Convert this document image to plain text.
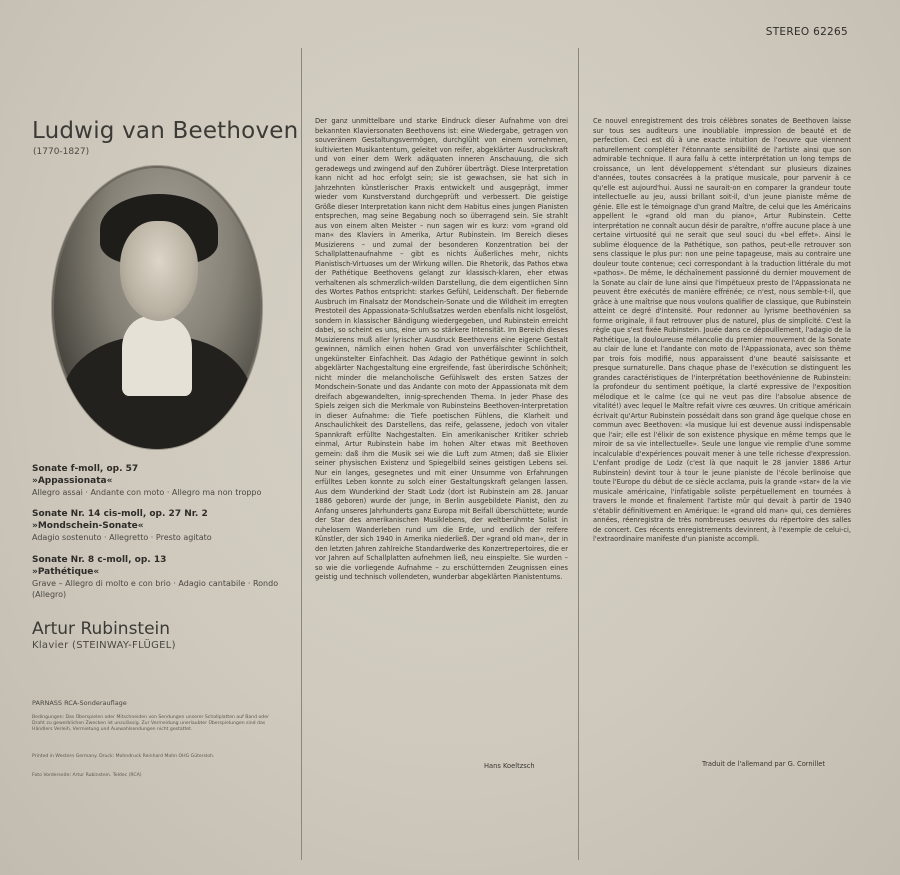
STEREO 62265
Ludwig van Beethoven
(1770-1827)
Sonate f-moll, op. 57
»Appassionata«
Allegro assai · Andante con moto · Allegro ma non troppo
Sonate Nr. 14 cis-moll, op. 27 Nr. 2
»Mondschein-Sonate«
Adagio sostenuto · Allegretto · Presto agitato
Sonate Nr. 8 c-moll, op. 13
»Pathétique«
Grave – Allegro di molto e con brio · Adagio cantabile · Rondo (Allegro)
Artur Rubinstein
Klavier (STEINWAY-FLÜGEL)
PARNASS RCA-Sonderauflage
Bedingungen: Das Überspielen oder Mitschneiden von Sendungen unserer Schallplatten auf Band oder Draht zu gewerblichen Zwecken ist unzulässig. Zur Vermeidung unerlaubter Überspielungen sind das Händlers Verleih, Vermietung und Auswahlsendungen nicht gestattet.
Printed in Western Germany. Druck: Mohndruck Reinhard Mohn OHG Gütersloh.
Foto Vorderseite: Artur Rubinstein. Teldec (RCA)
Der ganz unmittelbare und starke Eindruck dieser Aufnahme von drei bekannten Klaviersonaten Beethovens ist: eine Wiedergabe, getragen von souveränem Gestaltungsvermögen, durchglüht von einem vornehmen, kultivierten Musikantentum, geleitet von reifer, abgeklärter Ausdruckskraft und von einer dem Werk adäquaten inneren Anschauung, die sich geradewegs und zwingend auf den Zuhörer überträgt. Diese Interpretation kann nicht ad hoc erfolgt sein; sie ist gewachsen, sie hat sich in Jahrzehnten künstlerischer Praxis entwickelt und ausgeprägt, immer wieder vom Kunstverstand durchgeprüft und verbessert. Die geistige Größe dieser Interpretation kann nicht dem Habitus eines jungen Pianisten entsprechen, mag seine Begabung noch so überragend sein. Sie strahlt aus von einem alten Meister – nun sagen wir es kurz: vom »grand old man« des Klaviers in Amerika, Artur Rubinstein. Im Bereich dieses Musizierens – und zumal der besonderen Konzentration bei der Schallplattenaufnahme – gibt es nichts Äußerliches mehr, nichts Pianistisch-Virtuoses um der Wirkung willen. Die Rhetorik, das Pathos etwa der Pathétique Beethovens gelangt zur klassisch-klaren, eher etwas verhaltenen als schmerzlich-wilden Darstellung, die dem eigentlichen Sinn des Wortes Pathos entspricht: starkes Gefühl, Leidenschaft. Der fiebernde Ausbruch im Finalsatz der Mondschein-Sonate und die Wildheit im erregten Prestoteil des Appassionata-Schlußsatzes werden ebenfalls nicht losgelöst, sondern in klassischer Bändigung wiedergegeben, und Rubinstein erreicht dabei, so scheint es uns, eine um so stärkere Intensität. Im Bereich dieses Musizierens muß aller lyrischer Ausdruck Beethovens eine eigene Gestalt gewinnen, nämlich einen hohen Grad von unverfälschter Schlichtheit, ungekünstelter Einfachheit. Das Adagio der Pathétique gewinnt in solch abgeklärter Nachgestaltung eine ergreifende, fast überirdische Schönheit; nicht minder die melancholische Gefühlswelt des ersten Satzes der Mondschein-Sonate und das Andante con moto der Appassionata mit dem dreifach abgewandelten, innig-sprechenden Thema. In jeder Phase des Spiels zeigen sich die Merkmale von Rubinsteins Beethoven-Interpretation in dieser Aufnahme: die Tiefe poetischen Fühlens, die Klarheit und Anschaulichkeit des Darstellens, das reife, gelassene, jedoch von vitaler Spannkraft erfüllte Nachgestalten. Ein amerikanischer Kritiker schrieb einmal, Artur Rubinstein habe im hohen Alter etwas mit Beethoven gemein: daß ihm die Musik sei wie die Luft zum Atmen; daß sie Elixier seiner physischen Existenz und Spiegelbild seines geistigen Lebens sei. Nur ein langes, gesegnetes und mit einer Unsumme von Erfahrungen erfülltes Leben konnte zu solch einer Gestaltungskraft gelangen lassen. Aus dem Wunderkind der Stadt Lodz (dort ist Rubinstein am 28. Januar 1886 geboren) wurde der junge, in Berlin ausgebildete Pianist, den zu Anfang unseres Jahrhunderts ganz Europa mit Beifall überschüttete; wurde der Star des amerikanischen Musiklebens, der weltberühmte Solist in ruhelosem Wanderleben rund um die Erde, und endlich der reifere Künstler, der sich 1940 in Amerika niederließ. Der »grand old man«, der in den letzten Jahren zahlreiche Standardwerke des Konzertrepertoires, die er vor Jahren auf Schallplatten aufnehmen ließ, neu einspielte. Sie wurden – so wie die vorliegende Aufnahme – zu erschütternden Zeugnissen eines geistig und technisch vollendeten, wunderbar abgeklärten Pianistentums.
Hans Koeltzsch
Ce nouvel enregistrement des trois célèbres sonates de Beethoven laisse sur tous ses auditeurs une inoubliable impression de beauté et de perfection. Ceci est dû à une exacte intuition de l'oeuvre que viennent naturellement compléter l'étonnante sensibilité de l'artiste ainsi que son admirable technique. Il aura fallu à cette interprétation un long temps de croissance, un lent développement s'étendant sur plusieurs dizaines d'années, toutes consacrées à la pratique musicale, pour parvenir à ce qu'elle est aujourd'hui. Aussi ne saurait-on en comparer la grandeur toute intellectuelle au jeu, aussi brillant soit-il, d'un jeune pianiste même de génie. Elle est le témoignage d'un grand Maître, de celui que les Américains appellent le «grand old man du piano», Artur Rubinstein. Cette interprétation ne connaît aucun désir de paraître, n'offre aucune place à une certaine virtuosité qui ne serait que seul souci du «bel effet». Ainsi le sublime éloquence de la Pathétique, son pathos, peut-elle retrouver son sens classique le plus pur: non une peine tapageuse, mais au contraire une douleur toute contenue; ceci correspondant à la traduction littérale du mot «pathos». De même, le déchaînement passionné du dernier mouvement de la Sonate au clair de lune ainsi que l'impétueux presto de l'Appassionata ne peuvent être exécutés de manière effrénée; ce n'est, nous semble-t-il, que grâce à une maîtrise que nous voulons qualifier de classique, que Rubinstein atteint ce degré d'intensité. Pour redonner au lyrisme beethovénien sa forme originale, il faut retrouver plus de naturel, plus de simplicité. C'est la règle que s'est fixée Rubinstein. Jouée dans ce dépouillement, l'adagio de la Pathétique, la douloureuse mélancolie du premier mouvement de la Sonate au clair de lune et l'andante con moto de l'Appassionata, avec son thème par trois fois modifié, nous apparaissent d'une beauté saisissante et presque surnaturelle. Dans chaque phase de l'exécution se distinguent les grandes caractéristiques de l'interprétation beethovénienne de Rubinstein: la profondeur du sentiment poétique, la clarté expressive de l'exposition mélodique et le calme (ce qui ne veut pas dire l'absolue absence de vitalité!) avec lequel le Maître refait vivre ces œuvres. Un critique américain écrivait qu'Artur Rubinstein possédait dans son grand âge quelque chose en commun avec Beethoven: «la musique lui est devenue aussi indispensable que l'air; elle est l'élixir de son existence physique en même temps que le miroir de sa vie intellectuelle». Seule une longue vie remplie d'une somme incalculable d'expériences pouvait mener à une telle richesse d'expression. L'enfant prodige de Lodz (c'est là que naquit le 28 janvier 1886 Artur Rubinstein) devint tour à tour le jeune pianiste de l'école berlinoise que toute l'Europe du début de ce siècle acclama, puis la grande «star» de la vie musicale américaine, l'infatigable soliste perpétuellement en tournées à travers le monde et finalement l'artiste mûr qui devait à partir de 1940 s'établir définitivement en Amérique: le «grand old man» qui, ces dernières années, réenregistra de très nombreuses oeuvres du répertoire des salles de concert. Ces récents enregistrements devinrent, à l'exemple de celui-ci, l'extraordinaire manifeste d'un pianiste accompli.
Traduit de l'allemand par G. Cornillet
